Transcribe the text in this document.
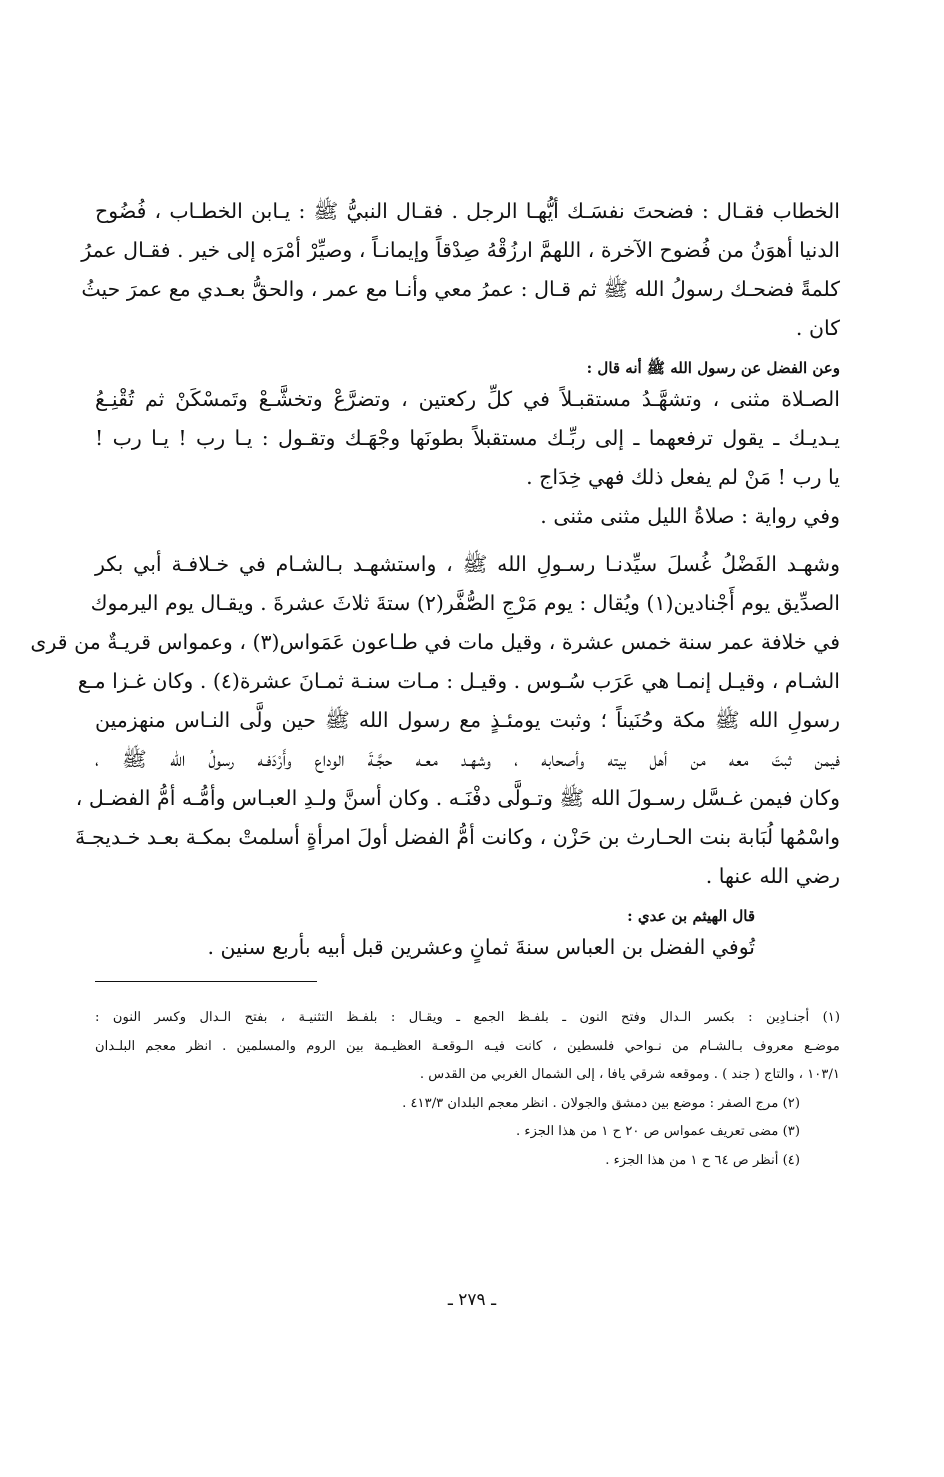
الخطاب فقـال : فضحتَ نفسَـك أيُّهـا الرجل . فقـال النبيُّ ﷺ : يـابن الخطـاب ، فُضُوح
الدنيا أهوَنُ من فُضوح الآخرة ، اللهمَّ ارزُقْهُ صِدْقاً وإيمانـاً ، وصيِّرْ أمْرَه إلى خير . فقـال عمرُ
كلمةً فضحـك رسولُ الله ﷺ ثم قـال : عمرُ معي وأنـا مع عمر ، والحقُّ بعـدي مع عمرَ حيثُ
كان .
وعن الفضل عن رسول الله ﷺ أنه قال :
الصـلاة مثنى ، وتشهَّـدُ مستقبـلاً في كلِّ ركعتين ، وتضرَّعْ وتخشَّـعْ وتَمسْكَنْ ثم تُقْنِـعُ
يـديـك ـ يقول ترفعهما ـ إلى ربِّـك مستقبلاً بطونَها وجْهَـك وتقـول : يـا رب ! يـا رب !
يا رب ! مَنْ لم يفعل ذلك فهي خِدَاج .
وفي رواية : صلاةُ الليل مثنى مثنى .
وشهـد الفَضْلُ غُسلَ سيِّدنـا رسـولِ الله ﷺ ، واستشهـد بـالشـام في خـلافـة أبي بكر
الصدِّيق يوم أَجْنادين(١) ويُقال : يوم مَرْجِ الصُّفَّر(٢) ستةَ ثلاثَ عشرةَ . ويقـال يوم اليرموك
في خلافة عمر سنة خمس عشرة ، وقيل مات في طـاعون عَمَواس(٣) ، وعمواس قريـةٌ من قرى
الشـام ، وقيـل إنمـا هي عَرَب سُـوس . وقيـل : مـات سنـة ثمـانَ عشرة(٤) . وكان غـزا مـع
رسولِ الله ﷺ مكة وحُنَيناً ؛ وثبت يومئـذٍ مع رسول الله ﷺ حين ولَّى النـاس منهزمين
فيمن ثبتَ معه من أهل بيته وأصحابه ، وشهـد معـه حجَّـةَ الوداع وأَرْدَفـه رسولُ الله ﷺ ،
وكان فيمن غـسَّل رسـولَ الله ﷺ وتـولَّى دفْنَـه . وكان أسنَّ ولـدِ العبـاس وأمُّـه أمُّ الفضـل ،
واسْمُها لُبَابة بنت الحـارث بن حَزْن ، وكانت أمُّ الفضل أولَ امرأةٍ أسلمتْ بمكـة بعـد خـديجـةَ
رضي الله عنها .
قال الهيثم بن عدي :
تُوفي الفضل بن العباس سنةَ ثمانٍ وعشرين قبل أبيه بأربع سنين .
(١) أجنـادِين : بكسر الـدال وفتح النون ـ بلفـظ الجمع ـ ويقـال : بلفـظ التثنيـة ، بفتح الـدال وكسر النون :
موضـع معروف بـالشـام من نـواحي فلسطين ، كانت فيـه الـوقعـة العظيـمة بين الروم والمسلمين . انظر معجم البلـدان
١٠٣/١ ، والتاج ( جند ) . وموقعه شرقي يافا ، إلى الشمال الغربي من القدس .
(٢) مرج الصفر : موضع بين دمشق والجولان . انظر معجم البلدان ٤١٣/٣ .
(٣) مضى تعريف عمواس ص ٢٠ ح ١ من هذا الجزء .
(٤) أنظر ص ٦٤ ح ١ من هذا الجزء .
ـ ٢٧٩ ـ
